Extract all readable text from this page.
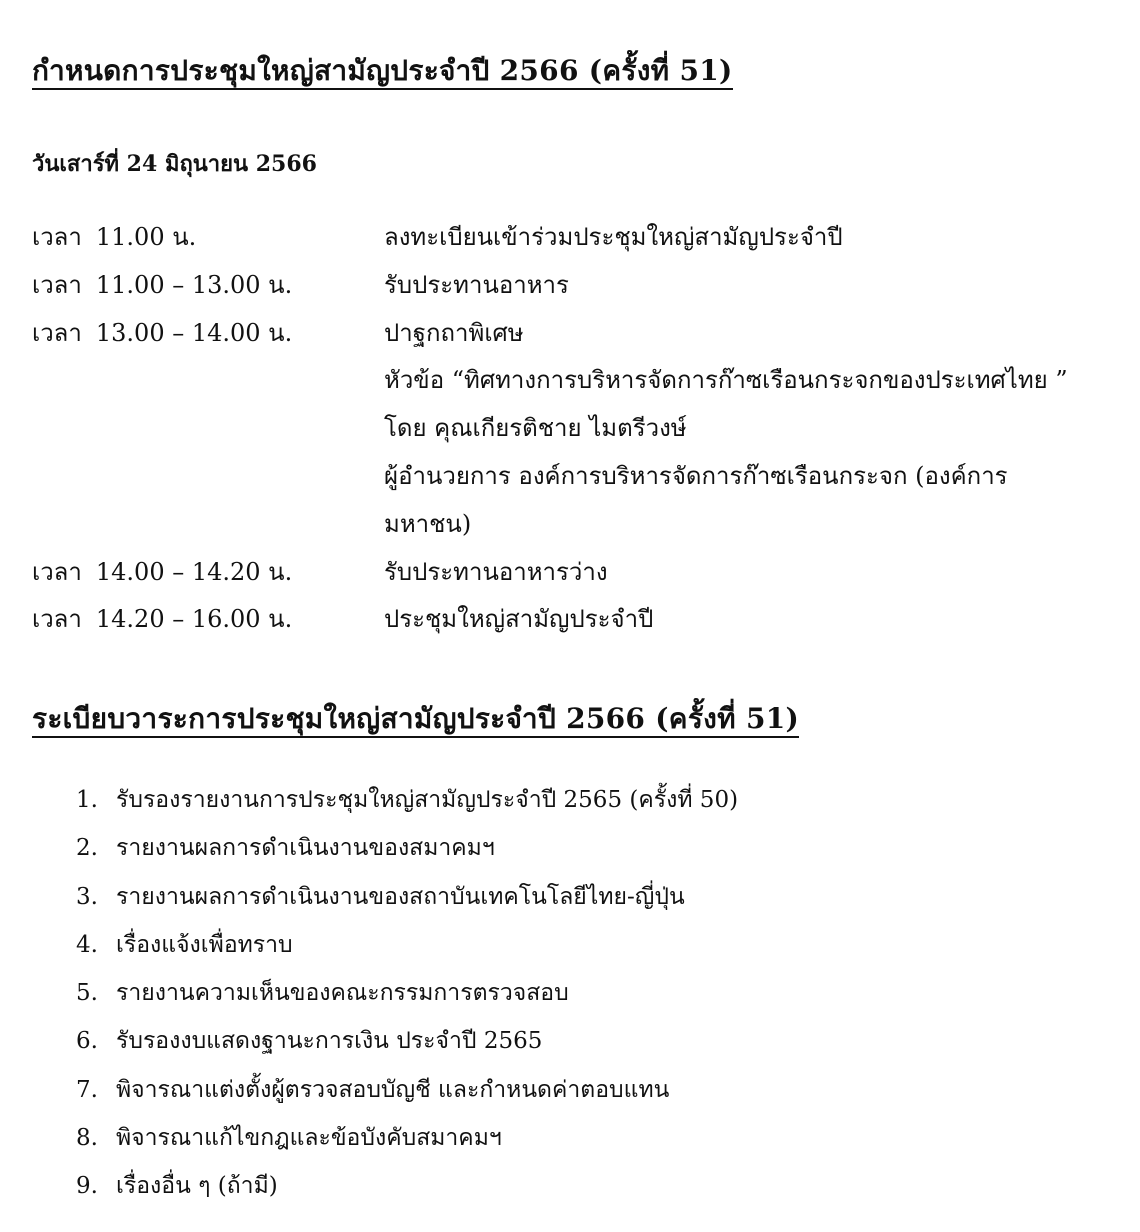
กำหนดการประชุมใหญ่สามัญประจำปี 2566 (ครั้งที่ 51)
วันเสาร์ที่ 24 มิถุนายน 2566
เวลา 11.00 น.	ลงทะเบียนเข้าร่วมประชุมใหญ่สามัญประจำปี
เวลา 11.00 – 13.00 น.	รับประทานอาหาร
เวลา 13.00 – 14.00 น.	ปาฐกถาพิเศษ
หัวข้อ “ทิศทางการบริหารจัดการก๊าซเรือนกระจกของประเทศไทย ”
โดย คุณเกียรติชาย ไมตรีวงษ์
ผู้อำนวยการ องค์การบริหารจัดการก๊าซเรือนกระจก (องค์การ
มหาชน)
เวลา 14.00 – 14.20 น.	รับประทานอาหารว่าง
เวลา 14.20 – 16.00 น.	ประชุมใหญ่สามัญประจำปี
ระเบียบวาระการประชุมใหญ่สามัญประจำปี 2566 (ครั้งที่ 51)
1. รับรองรายงานการประชุมใหญ่สามัญประจำปี 2565 (ครั้งที่ 50)
2. รายงานผลการดำเนินงานของสมาคมฯ
3. รายงานผลการดำเนินงานของสถาบันเทคโนโลยีไทย-ญี่ปุ่น
4. เรื่องแจ้งเพื่อทราบ
5. รายงานความเห็นของคณะกรรมการตรวจสอบ
6. รับรองงบแสดงฐานะการเงิน ประจำปี 2565
7. พิจารณาแต่งตั้งผู้ตรวจสอบบัญชี และกำหนดค่าตอบแทน
8. พิจารณาแก้ไขกฎและข้อบังคับสมาคมฯ
9. เรื่องอื่น ๆ (ถ้ามี)
